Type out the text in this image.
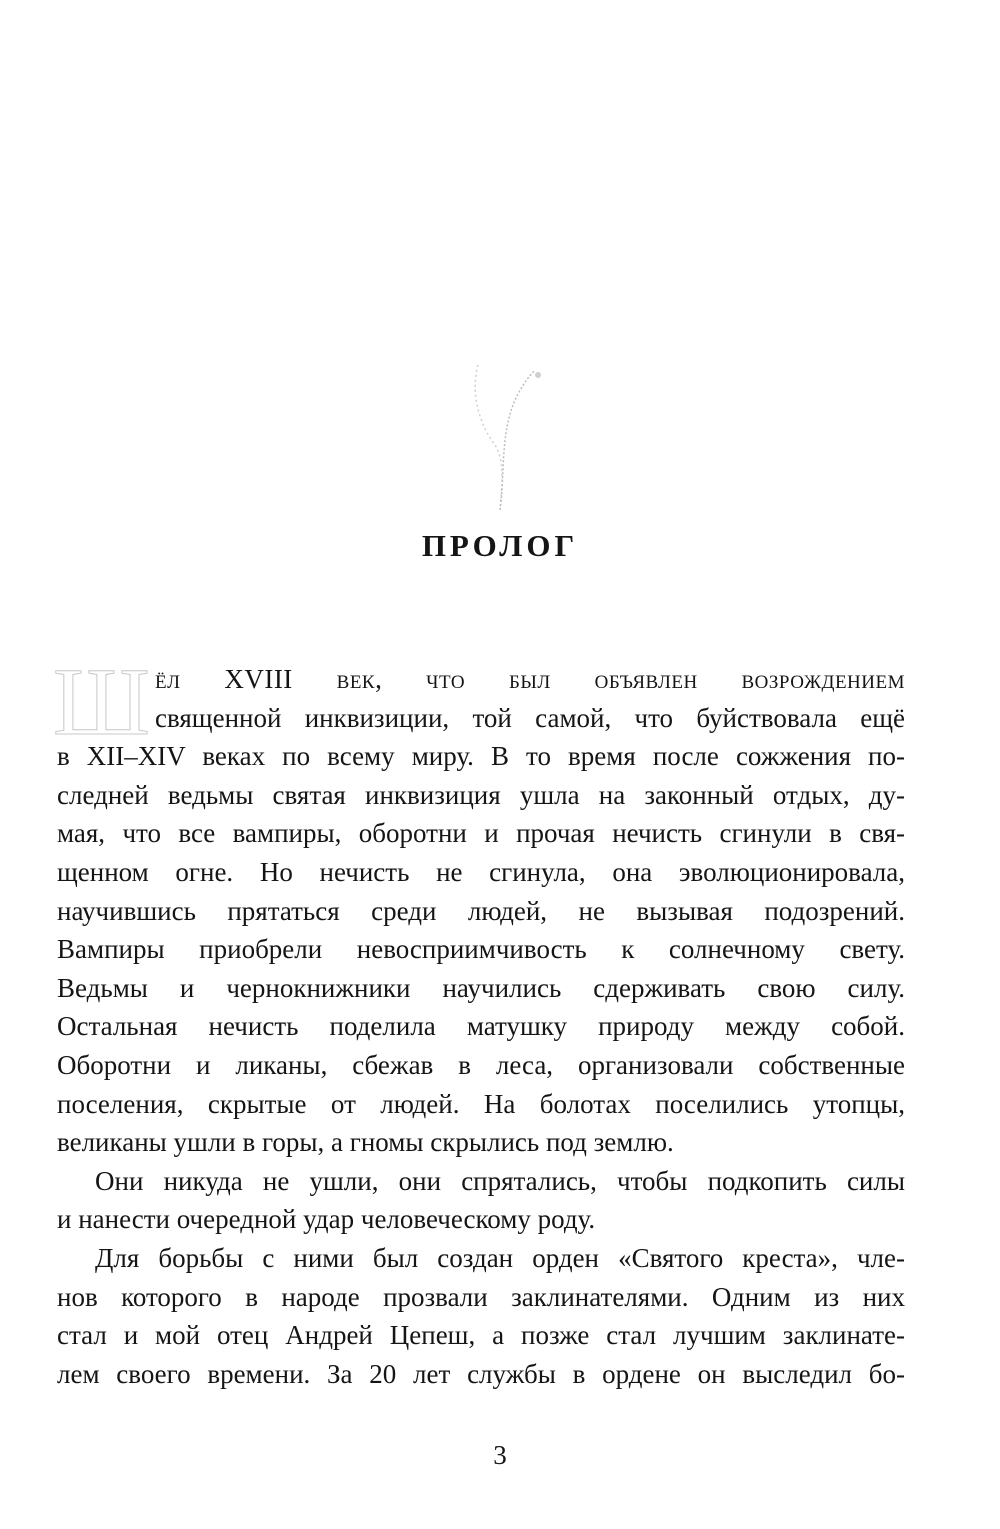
ПРОЛОГ
Ш ёл XVIII век, что был объявлен возрождением
священной инквизиции, той самой, что буйствовала ещё
в XII–XIV веках по всему миру. В то время после сожжения по-
следней ведьмы святая инквизиция ушла на законный отдых, ду-
мая, что все вампиры, оборотни и прочая нечисть сгинули в свя-
щенном огне. Но нечисть не сгинула, она эволюционировала,
научившись прятаться среди людей, не вызывая подозрений.
Вампиры приобрели невосприимчивость к солнечному свету.
Ведьмы и чернокнижники научились сдерживать свою силу.
Остальная нечисть поделила матушку природу между собой.
Оборотни и ликаны, сбежав в леса, организовали собственные
поселения, скрытые от людей. На болотах поселились утопцы,
великаны ушли в горы, а гномы скрылись под землю.
Они никуда не ушли, они спрятались, чтобы подкопить силы
и нанести очередной удар человеческому роду.
Для борьбы с ними был создан орден «Святого креста», чле-
нов которого в народе прозвали заклинателями. Одним из них
стал и мой отец Андрей Цепеш, а позже стал лучшим заклинате-
лем своего времени. За 20 лет службы в ордене он выследил бо-
3
